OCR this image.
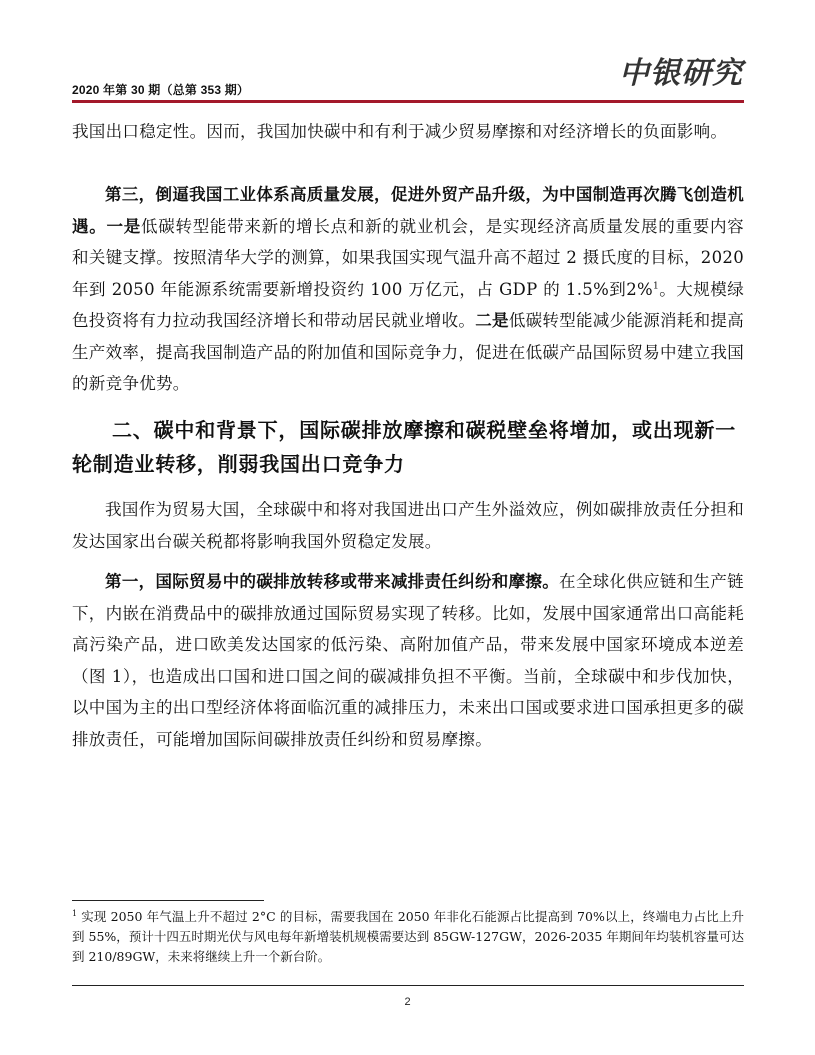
2020 年第 30 期（总第 353 期）	中银研究

我国出口稳定性。因而，我国加快碳中和有利于减少贸易摩擦和对经济增长的负面影响。

第三，倒逼我国工业体系高质量发展，促进外贸产品升级，为中国制造再次腾飞创造机遇。一是低碳转型能带来新的增长点和新的就业机会，是实现经济高质量发展的重要内容和关键支撑。按照清华大学的测算，如果我国实现气温升高不超过 2 摄氏度的目标，2020 年到 2050 年能源系统需要新增投资约 100 万亿元，占 GDP 的 1.5%到2%$^1$。大规模绿色投资将有力拉动我国经济增长和带动居民就业增收。二是低碳转型能减少能源消耗和提高生产效率，提高我国制造产品的附加值和国际竞争力，促进在低碳产品国际贸易中建立我国的新竞争优势。

二、碳中和背景下，国际碳排放摩擦和碳税壁垒将增加，或出现新一轮制造业转移，削弱我国出口竞争力

我国作为贸易大国，全球碳中和将对我国进出口产生外溢效应，例如碳排放责任分担和发达国家出台碳关税都将影响我国外贸稳定发展。

第一，国际贸易中的碳排放转移或带来减排责任纠纷和摩擦。在全球化供应链和生产链下，内嵌在消费品中的碳排放通过国际贸易实现了转移。比如，发展中国家通常出口高能耗高污染产品，进口欧美发达国家的低污染、高附加值产品，带来发展中国家环境成本逆差（图 1），也造成出口国和进口国之间的碳减排负担不平衡。当前，全球碳中和步伐加快，以中国为主的出口型经济体将面临沉重的减排压力，未来出口国或要求进口国承担更多的碳排放责任，可能增加国际间碳排放责任纠纷和贸易摩擦。

$^1$ 实现 2050 年气温上升不超过 2°C 的目标，需要我国在 2050 年非化石能源占比提高到 70%以上，终端电力占比上升到 55%，预计十四五时期光伏与风电每年新增装机规模需要达到 85GW-127GW，2026-2035 年期间年均装机容量可达到 210/89GW，未来将继续上升一个新台阶。

2
